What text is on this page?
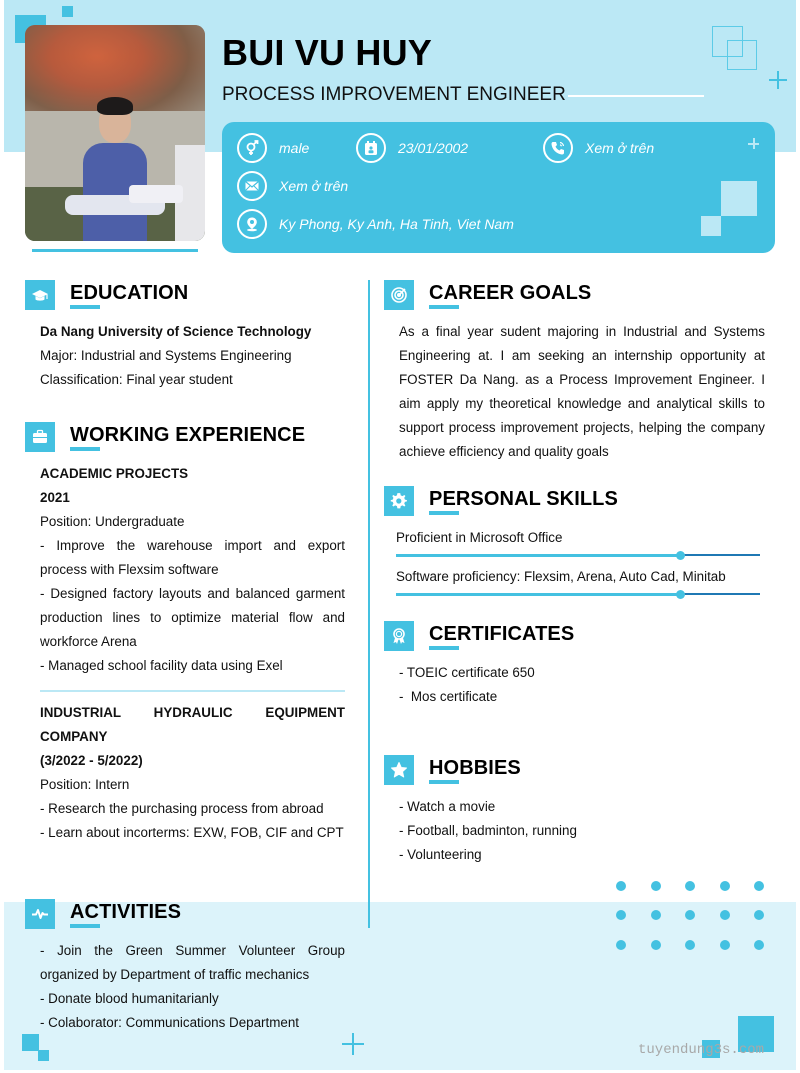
BUI VU HUY
PROCESS IMPROVEMENT ENGINEER
male	23/01/2002	Xem ở trên
Xem ở trên
Ky Phong, Ky Anh, Ha Tinh, Viet Nam
EDUCATION
Da Nang University of Science Technology
Major: Industrial and Systems Engineering
Classification: Final year student
WORKING EXPERIENCE
ACADEMIC PROJECTS
2021
Position: Undergraduate
- Improve the warehouse import and export process with Flexsim software
- Designed factory layouts and balanced garment production lines to optimize material flow and workforce Arena
- Managed school facility data using Exel
INDUSTRIAL HYDRAULIC EQUIPMENT COMPANY
(3/2022 - 5/2022)
Position: Intern
- Research the purchasing process from abroad
- Learn about incorterms: EXW, FOB, CIF and CPT
ACTIVITIES
- Join the Green Summer Volunteer Group organized by Department of traffic mechanics
- Donate blood humanitarianly
- Colaborator: Communications Department
CAREER GOALS
As a final year sudent majoring in Industrial and Systems Engineering at. I am seeking an internship opportunity at FOSTER Da Nang. as a Process Improvement Engineer. I aim apply my theoretical knowledge and analytical skills to support process improvement projects, helping the company achieve efficiency and quality goals
PERSONAL SKILLS
Proficient in Microsoft Office
Software proficiency: Flexsim, Arena, Auto Cad, Minitab
CERTIFICATES
- TOEIC certificate 650
-  Mos certificate
HOBBIES
- Watch a movie
- Football, badminton, running
- Volunteering
tuyendung3s.com
